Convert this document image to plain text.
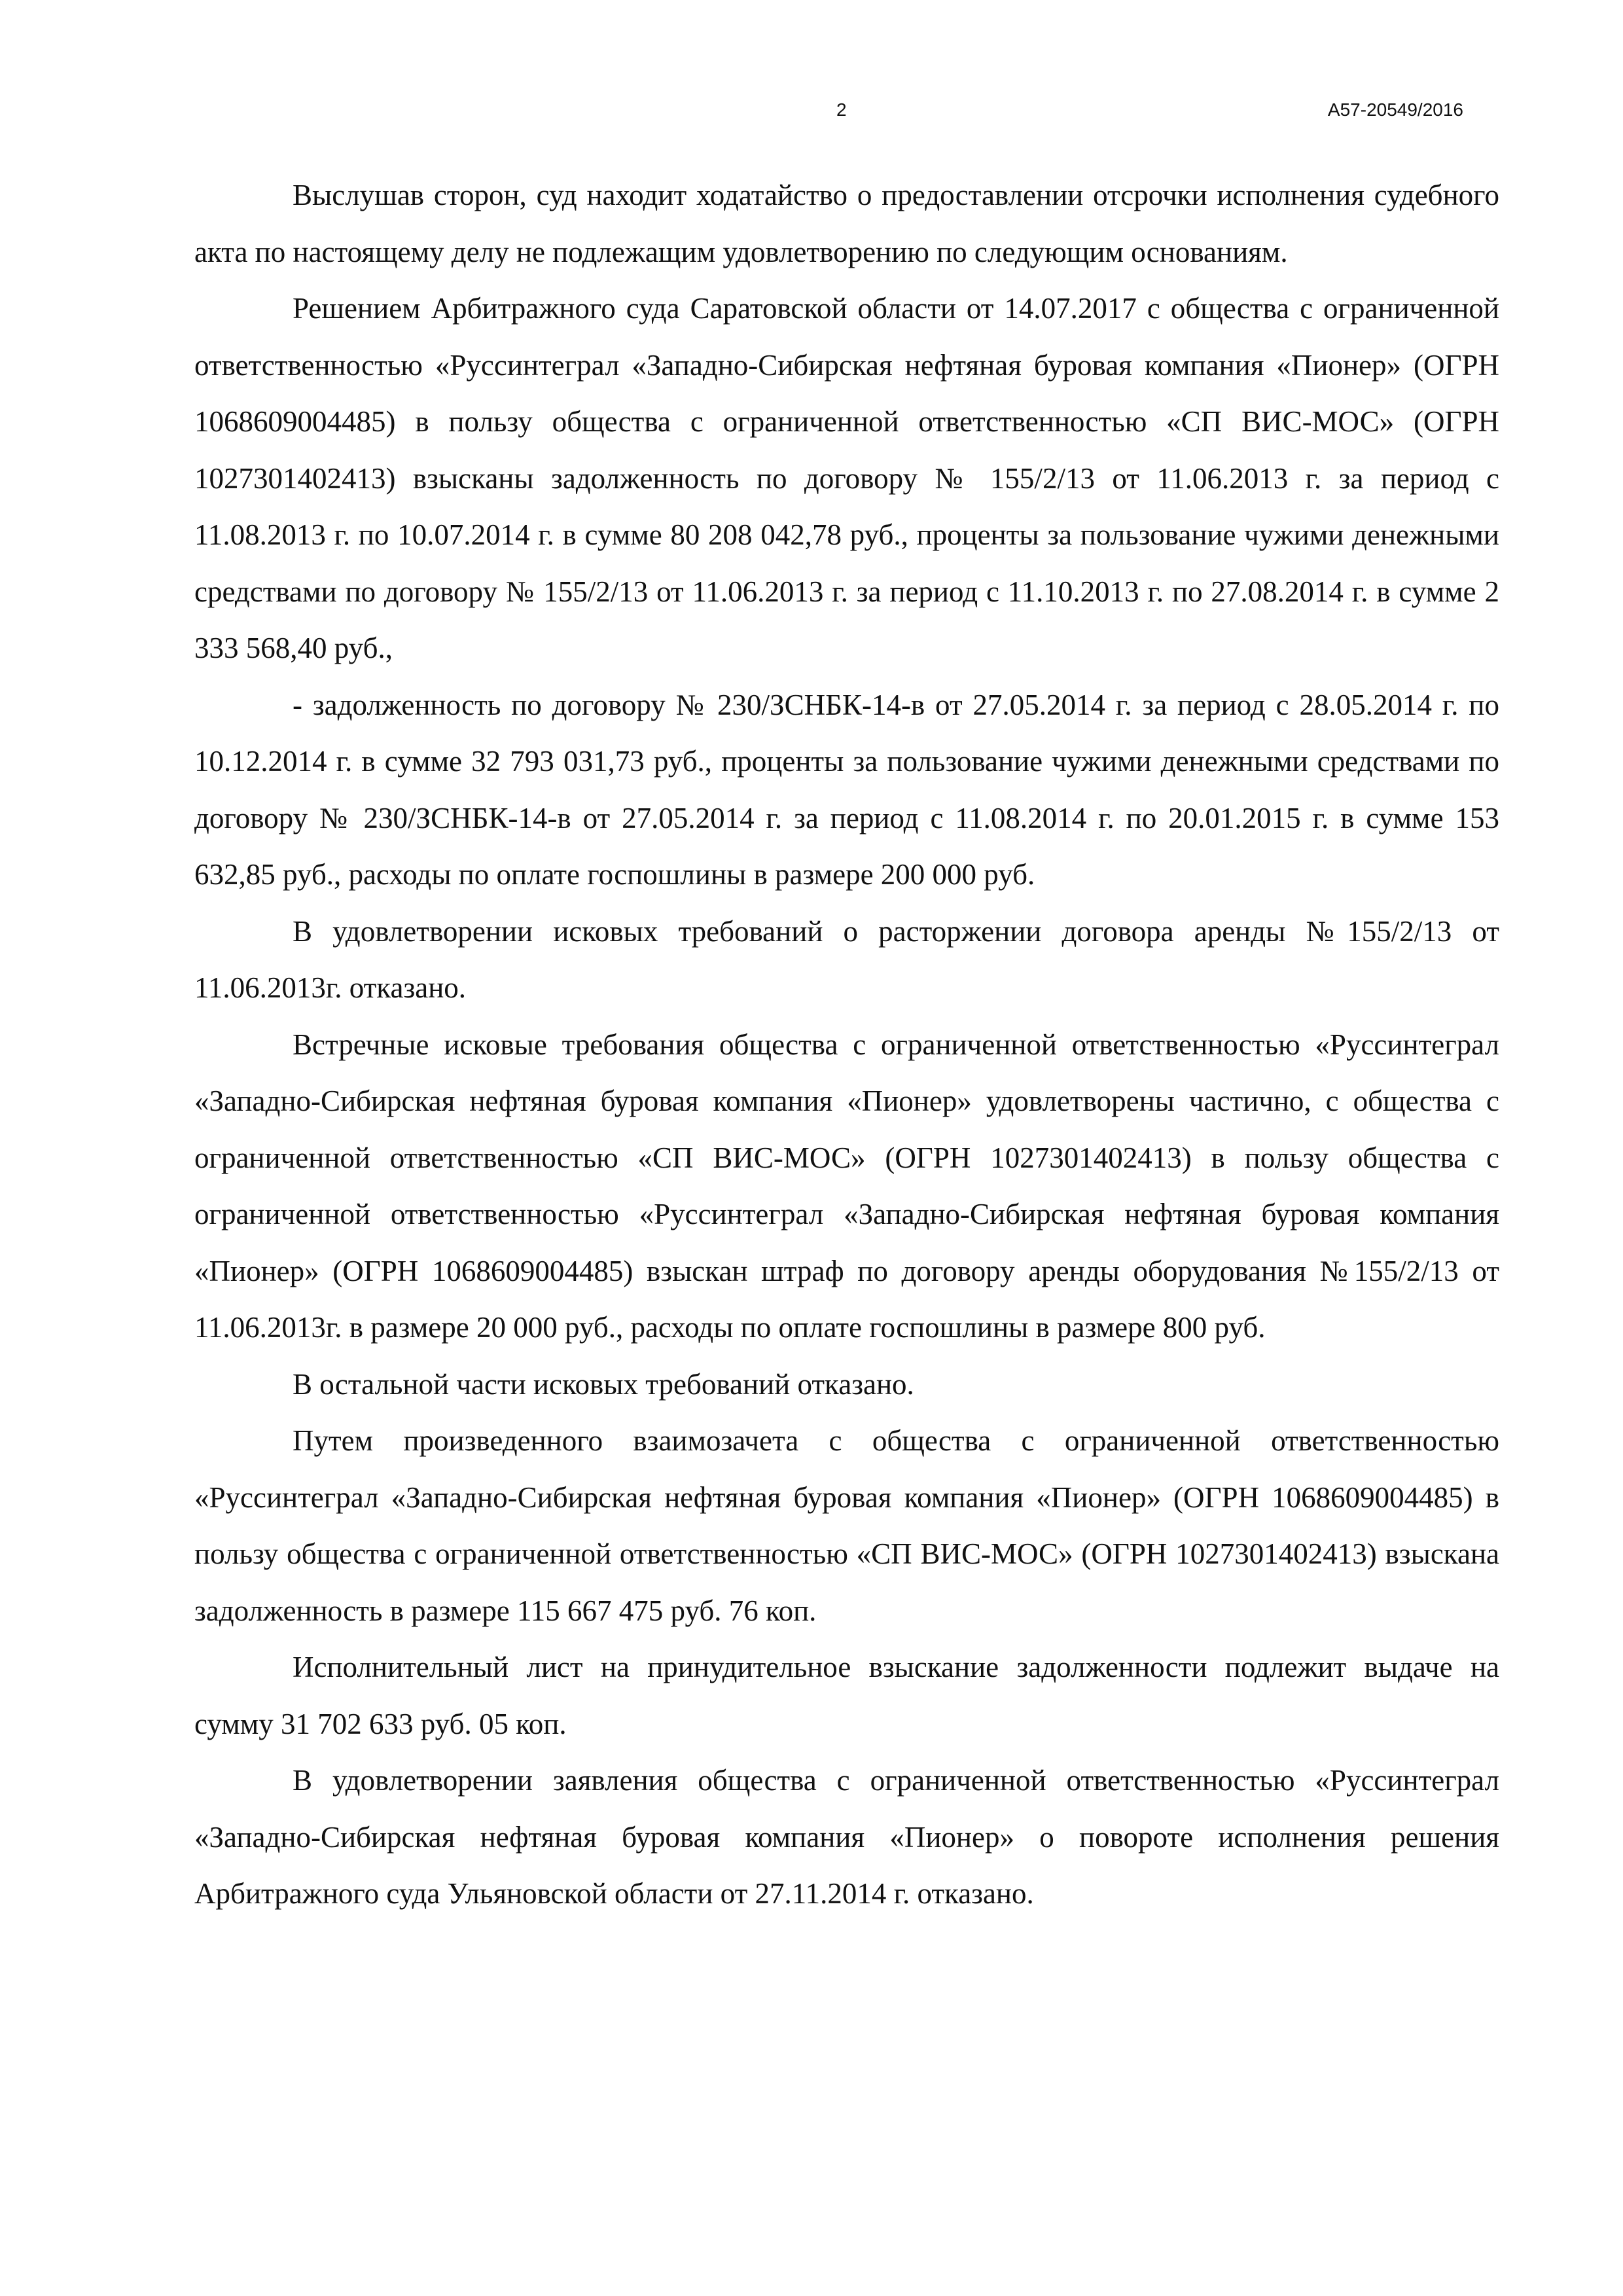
2	А57-20549/2016

Выслушав сторон, суд находит ходатайство о предоставлении отсрочки исполнения судебного акта по настоящему делу не подлежащим удовлетворению по следующим основаниям.

Решением Арбитражного суда Саратовской области от 14.07.2017 с общества с ограниченной ответственностью «Руссинтеграл «Западно-Сибирская нефтяная буровая компания «Пионер» (ОГРН 1068609004485) в пользу общества с ограниченной ответственностью «СП ВИС-МОС» (ОГРН 1027301402413) взысканы задолженность по договору № 155/2/13 от 11.06.2013 г. за период с 11.08.2013 г. по 10.07.2014 г. в сумме 80 208 042,78 руб., проценты за пользование чужими денежными средствами по договору № 155/2/13 от 11.06.2013 г. за период с 11.10.2013 г. по 27.08.2014 г. в сумме 2 333 568,40 руб.,

- задолженность по договору № 230/ЗСНБК-14-в от 27.05.2014 г. за период с 28.05.2014 г. по 10.12.2014 г. в сумме 32 793 031,73 руб., проценты за пользование чужими денежными средствами по договору № 230/ЗСНБК-14-в от 27.05.2014 г. за период с 11.08.2014 г. по 20.01.2015 г. в сумме 153 632,85 руб., расходы по оплате госпошлины в размере 200 000 руб.

В удовлетворении исковых требований о расторжении договора аренды №155/2/13 от 11.06.2013г. отказано.

Встречные исковые требования общества с ограниченной ответственностью «Руссинтеграл «Западно-Сибирская нефтяная буровая компания «Пионер» удовлетворены частично, с общества с ограниченной ответственностью «СП ВИС-МОС» (ОГРН 1027301402413) в пользу общества с ограниченной ответственностью «Руссинтеграл «Западно-Сибирская нефтяная буровая компания «Пионер» (ОГРН 1068609004485) взыскан штраф по договору аренды оборудования №155/2/13 от 11.06.2013г. в размере 20 000 руб., расходы по оплате госпошлины в размере 800 руб.

В остальной части исковых требований отказано.

Путем произведенного взаимозачета с общества с ограниченной ответственностью «Руссинтеграл «Западно-Сибирская нефтяная буровая компания «Пионер» (ОГРН 1068609004485) в пользу общества с ограниченной ответственностью «СП ВИС-МОС» (ОГРН 1027301402413) взыскана задолженность в размере 115 667 475 руб. 76 коп.

Исполнительный лист на принудительное взыскание задолженности подлежит выдаче на сумму 31 702 633 руб. 05 коп.

В удовлетворении заявления общества с ограниченной ответственностью «Руссинтеграл «Западно-Сибирская нефтяная буровая компания «Пионер» о повороте исполнения решения Арбитражного суда Ульяновской области от 27.11.2014 г. отказано.
